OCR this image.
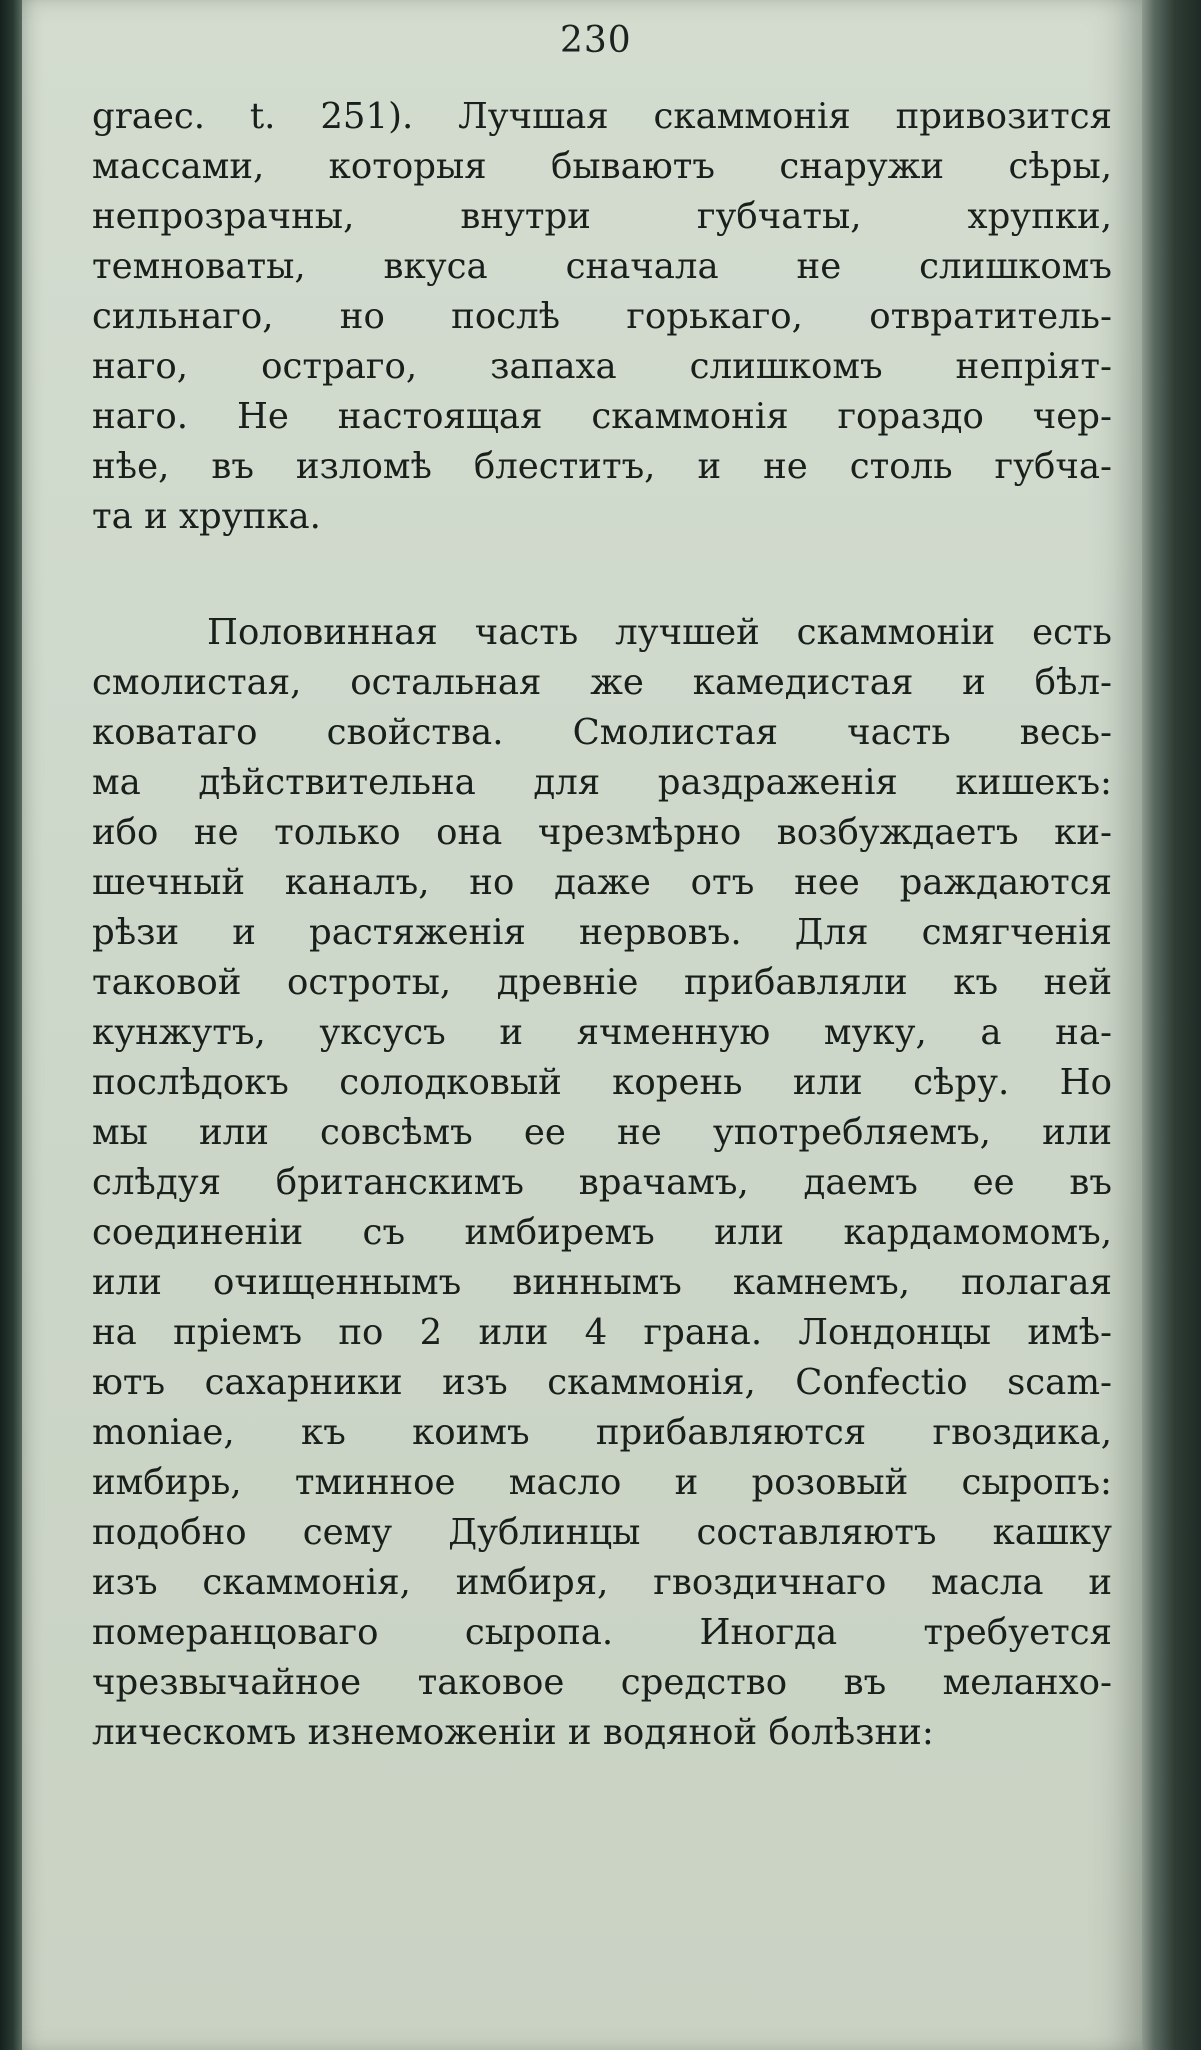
230
graec. t. 251). Лучшая скаммонія привозится
массами, которыя бываютъ снаружи сѣры,
непрозрачны, внутри губчаты, хрупки,
темноваты, вкуса сначала не слишкомъ
сильнаго, но послѣ горькаго, отвратитель-
наго, остраго, запаха слишкомъ непрiят-
наго. Не настоящая скаммонія гораздо чер-
нѣе, въ изломѣ блеститъ, и не столь губча-
та и хрупка.
Половинная часть лучшей скаммоніи есть
смолистая, остальная же камедистая и бѣл-
коватаго свойства. Смолистая часть весь-
ма дѣйствительна для раздраженія кишекъ:
ибо не только она чрезмѣрно возбуждаетъ ки-
шечный каналъ, но даже отъ нее раждаются
рѣзи и растяженія нервовъ. Для смягченія
таковой остроты, древніе прибавляли къ ней
кунжутъ, уксусъ и ячменную муку, а на-
послѣдокъ солодковый корень или сѣру. Но
мы или совсѣмъ ее не употребляемъ, или
слѣдуя британскимъ врачамъ, даемъ ее въ
соединеніи съ имбиремъ или кардамомомъ,
или очищеннымъ виннымъ камнемъ, полагая
на пріемъ по 2 или 4 грана. Лондонцы имѣ-
ютъ сахарники изъ скаммонія, Confectio scam-
moniae, къ коимъ прибавляются гвоздика,
имбирь, тминное масло и розовый сыропъ:
подобно сему Дублинцы составляютъ кашку
изъ скаммонія, имбиря, гвоздичнаго масла и
померанцоваго сыропа. Иногда требуется
чрезвычайное таковое средство въ меланхо-
лическомъ изнеможеніи и водяной болѣзни:
